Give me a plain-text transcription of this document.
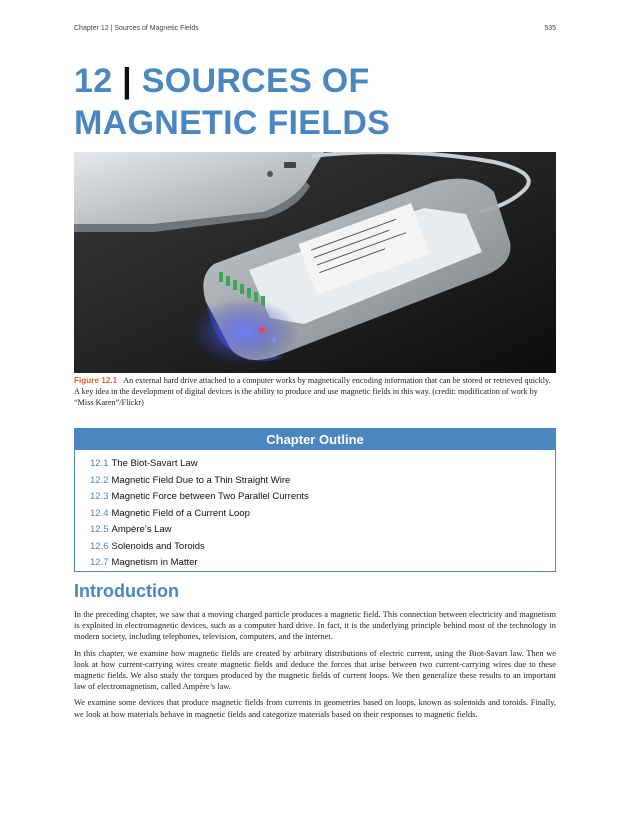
Chapter 12 | Sources of Magnetic Fields	535
12 | SOURCES OF
MAGNETIC FIELDS
Figure 12.1 An external hard drive attached to a computer works by magnetically encoding information that can be stored or retrieved quickly. A key idea in the development of digital devices is the ability to produce and use magnetic fields in this way. (credit: modification of work by “Miss Karen”/Flickr)
Chapter Outline
12.1 The Biot-Savart Law
12.2 Magnetic Field Due to a Thin Straight Wire
12.3 Magnetic Force between Two Parallel Currents
12.4 Magnetic Field of a Current Loop
12.5 Ampère’s Law
12.6 Solenoids and Toroids
12.7 Magnetism in Matter
Introduction

In the preceding chapter, we saw that a moving charged particle produces a magnetic field. This connection between electricity and magnetism is exploited in electromagnetic devices, such as a computer hard drive. In fact, it is the underlying principle behind most of the technology in modern society, including telephones, television, computers, and the internet.

In this chapter, we examine how magnetic fields are created by arbitrary distributions of electric current, using the Biot-Savart law. Then we look at how current-carrying wires create magnetic fields and deduce the forces that arise between two current-carrying wires due to these magnetic fields. We also study the torques produced by the magnetic fields of current loops. We then generalize these results to an important law of electromagnetism, called Ampère’s law.

We examine some devices that produce magnetic fields from currents in geometries based on loops, known as solenoids and toroids. Finally, we look at how materials behave in magnetic fields and categorize materials based on their responses to magnetic fields.
